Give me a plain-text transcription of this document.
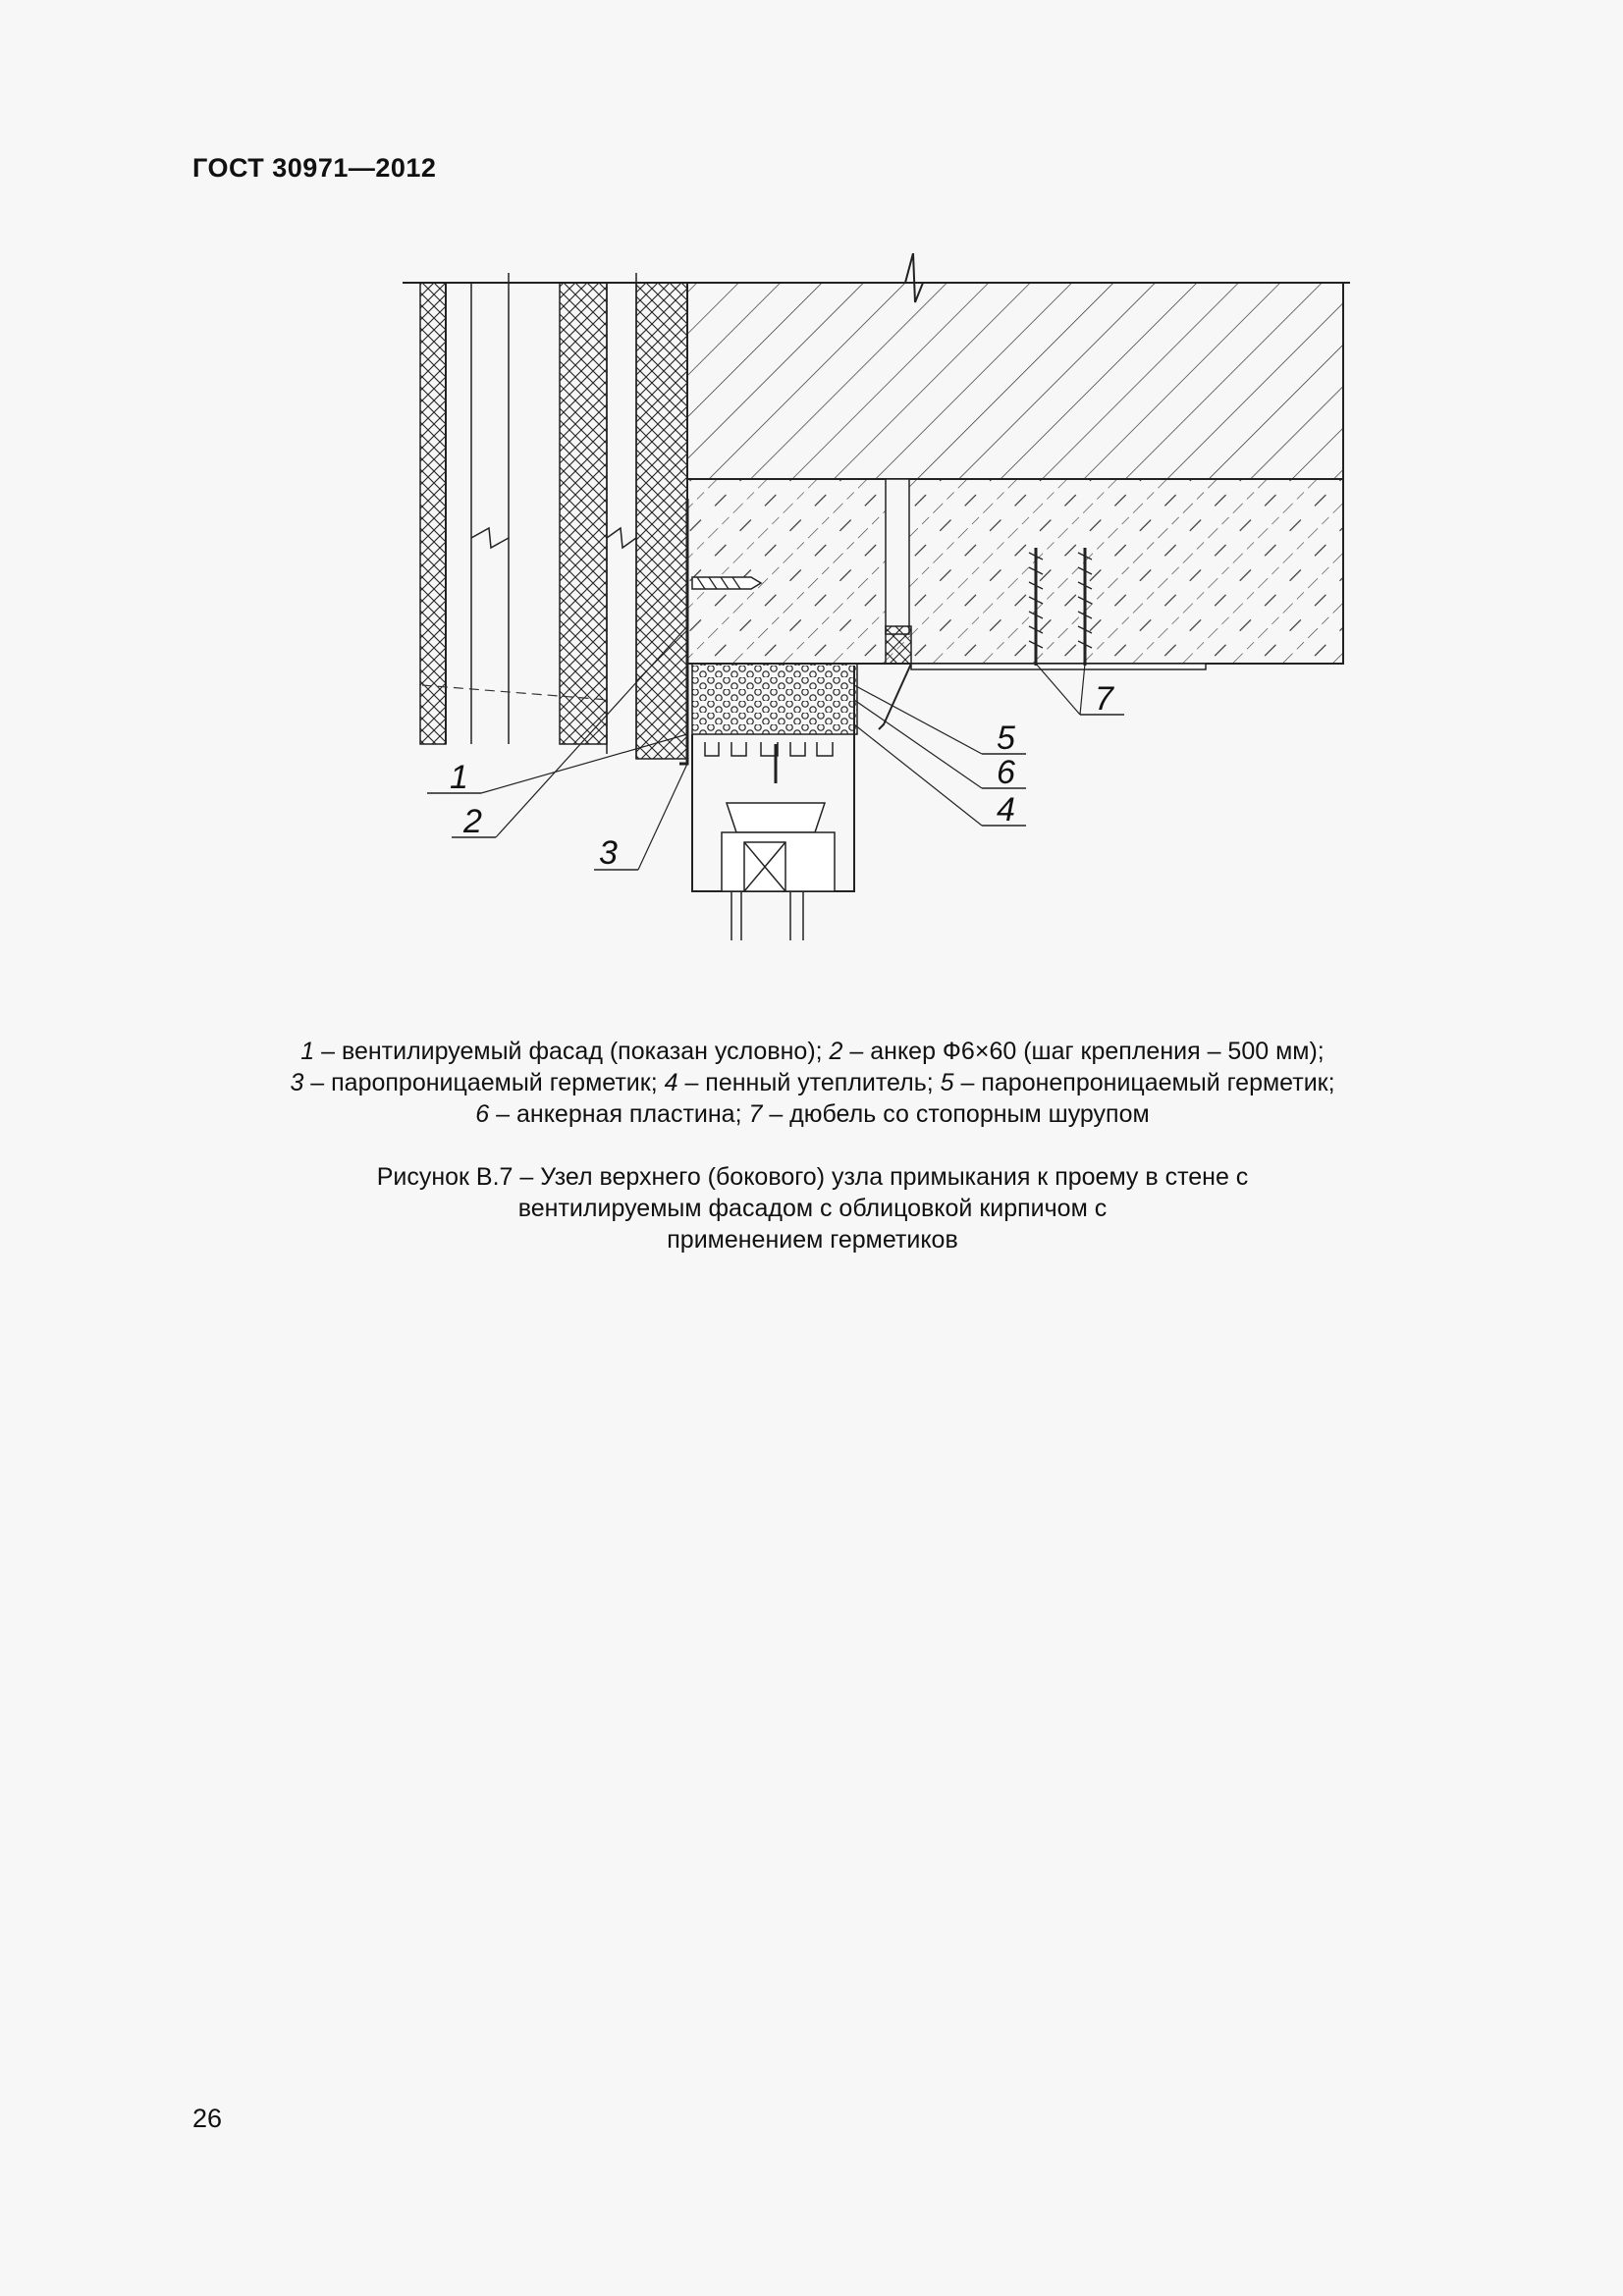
ГОСТ 30971—2012
1
2
3
4
5
6
7
1 – вентилируемый фасад (показан условно); 2 – анкер Ф6×60 (шаг крепления – 500 мм);
3 – паропроницаемый герметик; 4 – пенный утеплитель; 5 – паронепроницаемый герметик;
6 – анкерная пластина; 7 – дюбель со стопорным шурупом
Рисунок В.7 – Узел верхнего (бокового) узла примыкания к проему в стене с
вентилируемым фасадом с облицовкой кирпичом с
применением герметиков
26
